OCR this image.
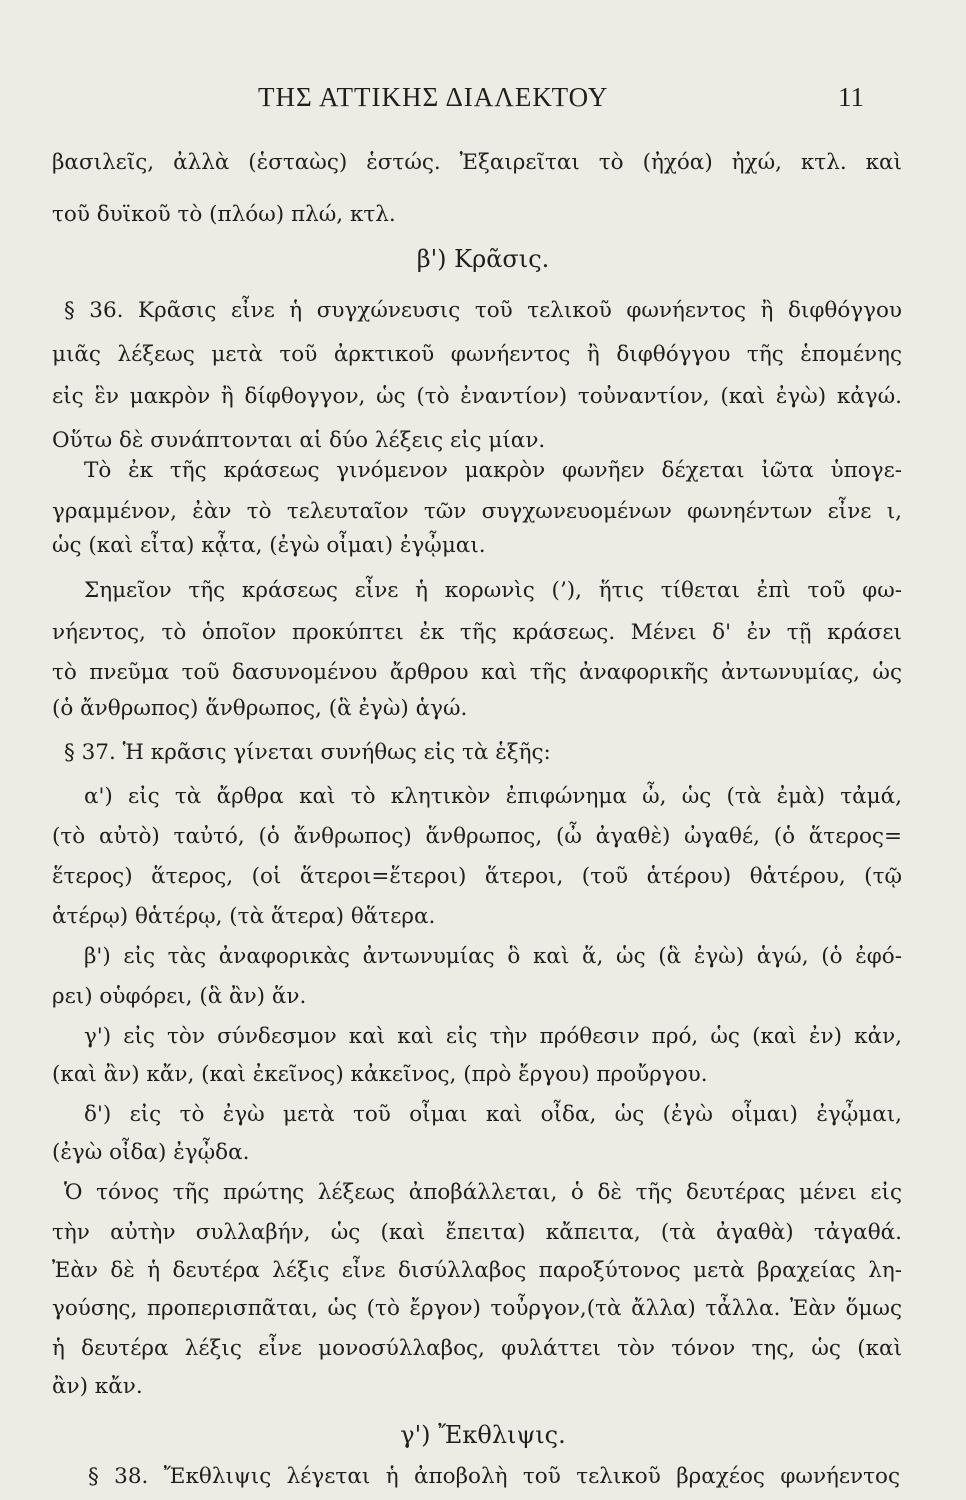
ΤΗΣ ΑΤΤΙΚΗΣ ΔΙΑΛΕΚΤΟΥ	11
βασιλεῖς, ἀλλὰ (ἑσταὼς) ἑστώς. Ἐξαιρεῖται τὸ (ἠχόα) ἠχώ, κτλ. καὶ
τοῦ δυϊκοῦ τὸ (πλόω) πλώ, κτλ.
β') Κρᾶσις.
§ 36. Κρᾶσις εἶνε ἡ συγχώνευσις τοῦ τελικοῦ φωνήεντος ἢ διφθόγγου
μιᾶς λέξεως μετὰ τοῦ ἀρκτικοῦ φωνήεντος ἢ διφθόγγου τῆς ἑπομένης
εἰς ἓν μακρὸν ἢ δίφθογγον, ὡς (τὸ ἐναντίον) τοὐναντίον, (καὶ ἐγὼ) κἀγώ.
Οὕτω δὲ συνάπτονται αἱ δύο λέξεις εἰς μίαν.
Τὸ ἐκ τῆς κράσεως γινόμενον μακρὸν φωνῆεν δέχεται ἰῶτα ὑπογε-
γραμμένον, ἐὰν τὸ τελευταῖον τῶν συγχωνευομένων φωνηέντων εἶνε ι,
ὡς (καὶ εἶτα) κᾆτα, (ἐγὼ οἶμαι) ἐγᾦμαι.
Σημεῖον τῆς κράσεως εἶνε ἡ κορωνὶς (’), ἥτις τίθεται ἐπὶ τοῦ φω-
νήεντος, τὸ ὁποῖον προκύπτει ἐκ τῆς κράσεως. Μένει δ' ἐν τῇ κράσει
τὸ πνεῦμα τοῦ δασυνομένου ἄρθρου καὶ τῆς ἀναφορικῆς ἀντωνυμίας, ὡς
(ὁ ἄνθρωπος) ἅνθρωπος, (ἃ ἐγὼ) ἁγώ.
§ 37. Ἡ κρᾶσις γίνεται συνήθως εἰς τὰ ἑξῆς:
α') εἰς τὰ ἄρθρα καὶ τὸ κλητικὸν ἐπιφώνημα ὦ, ὡς (τὰ ἐμὰ) τἀμά,
(τὸ αὐτὸ) ταὐτό, (ὁ ἄνθρωπος) ἅνθρωπος, (ὦ ἀγαθὲ) ὠγαθέ, (ὁ ἅτερος=
ἕτερος) ἅτερος, (οἱ ἅτεροι=ἕτεροι) ἅτεροι, (τοῦ ἁτέρου) θἁτέρου, (τῷ
ἁτέρῳ) θἁτέρῳ, (τὰ ἅτερα) θἅτερα.
β') εἰς τὰς ἀναφορικὰς ἀντωνυμίας ὃ καὶ ἅ, ὡς (ἃ ἐγὼ) ἁγώ, (ὁ ἐφό-
ρει) οὑφόρει, (ἃ ἂν) ἅν.
γ') εἰς τὸν σύνδεσμον καὶ καὶ εἰς τὴν πρόθεσιν πρό, ὡς (καὶ ἐν) κἀν,
(καὶ ἂν) κἄν, (καὶ ἐκεῖνος) κἀκεῖνος, (πρὸ ἔργου) προὔργου.
δ') εἰς τὸ ἐγὼ μετὰ τοῦ οἶμαι καὶ οἶδα, ὡς (ἐγὼ οἶμαι) ἐγᾦμαι,
(ἐγὼ οἶδα) ἐγᾦδα.
Ὁ τόνος τῆς πρώτης λέξεως ἀποβάλλεται, ὁ δὲ τῆς δευτέρας μένει εἰς
τὴν αὐτὴν συλλαβήν, ὡς (καὶ ἔπειτα) κἄπειτα, (τὰ ἀγαθὰ) τἀγαθά.
Ἐὰν δὲ ἡ δευτέρα λέξις εἶνε δισύλλαβος παροξύτονος μετὰ βραχείας λη-
γούσης, προπερισπᾶται, ὡς (τὸ ἔργον) τοὖργον,(τὰ ἄλλα) τἆλλα. Ἐὰν ὅμως
ἡ δευτέρα λέξις εἶνε μονοσύλλαβος, φυλάττει τὸν τόνον της, ὡς (καὶ
ἂν) κἄν.
γ') Ἔκθλιψις.
§ 38. Ἔκθλιψις λέγεται ἡ ἀποβολὴ τοῦ τελικοῦ βραχέος φωνήεντος
